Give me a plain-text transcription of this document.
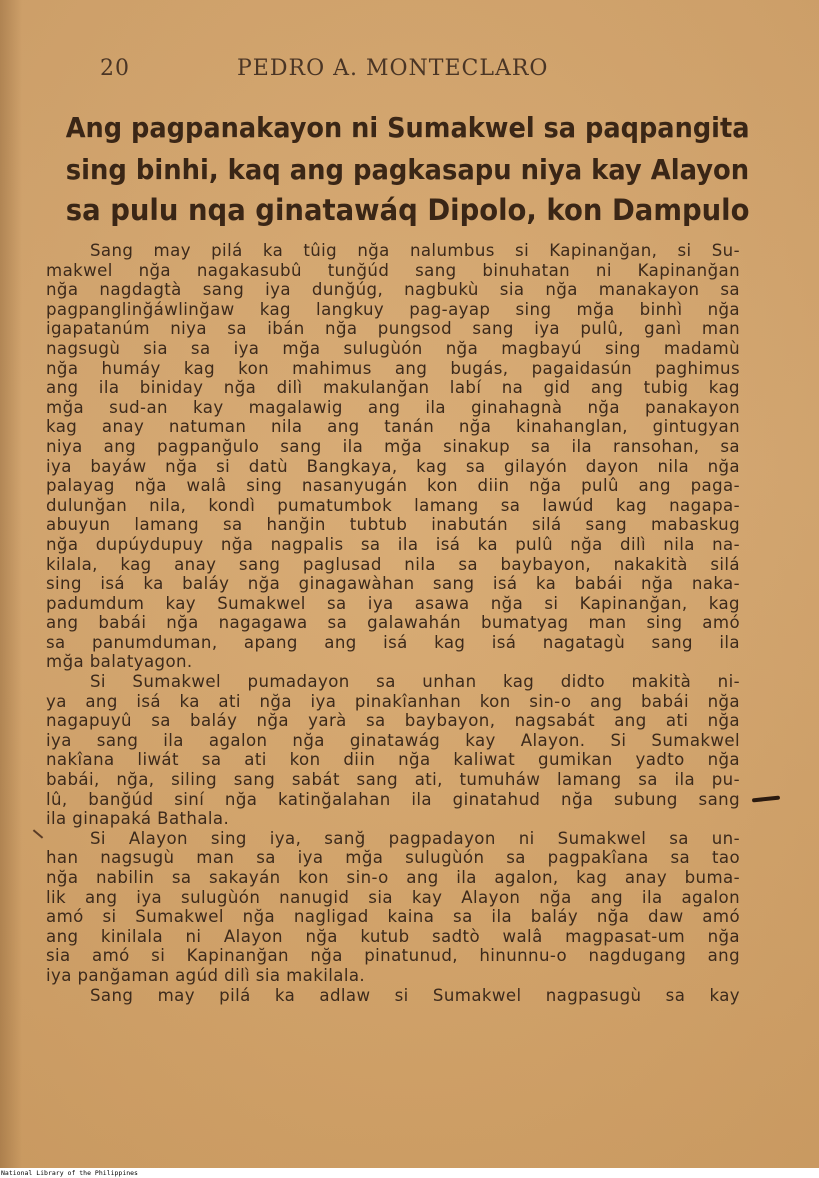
20	PEDRO A. MONTECLARO
Ang pagpanakayon ni Sumakwel sa paqpangita
sing binhi, kaq ang pagkasapu niya kay Alayon
sa pulu nqa ginatawáq Dipolo, kon Dampulo
Sang may pilá ka tûig nğa nalumbus si Kapinanğan, si Su-
makwel nğa nagakasubû tunğúd sang binuhatan ni Kapinanğan
nğa nagdagtà sang iya dunğúg, nagbukù sia nğa manakayon sa
pagpanglinğáwlinğaw kag langkuy pag-ayap sing mğa binhì nğa
igapatanúm niya sa ibán nğa pungsod sang iya pulû, ganì man
nagsugù sia sa iya mğa sulugùón nğa magbayú sing madamù
nğa humáy kag kon mahimus ang bugás, pagaidasún paghimus
ang ila biniday nğa dilì makulanğan labí na gid ang tubig kag
mğa sud-an kay magalawig ang ila ginahagnà nğa panakayon
kag anay natuman nila ang tanán nğa kinahanglan, gintugyan
niya ang pagpanğulo sang ila mğa sinakup sa ila ransohan, sa
iya bayáw nğa si datù Bangkaya, kag sa gilayón dayon nila nğa
palayag nğa walâ sing nasanyugán kon diin nğa pulû ang paga-
dulunğan nila, kondì pumatumbok lamang sa lawúd kag nagapa-
abuyun lamang sa hanğin tubtub inabután silá sang mabaskug
nğa dupúydupuy nğa nagpalis sa ila isá ka pulû nğa dilì nila na-
kilala, kag anay sang paglusad nila sa baybayon, nakakità silá
sing isá ka baláy nğa ginagawàhan sang isá ka babái nğa naka-
padumdum kay Sumakwel sa iya asawa nğa si Kapinanğan, kag
ang babái nğa nagagawa sa galawahán bumatyag man sing amó
sa panumduman, apang ang isá kag isá nagatagù sang ila
mğa balatyagon.
Si Sumakwel pumadayon sa unhan kag didto makità ni-
ya ang isá ka ati nğa iya pinakîanhan kon sin-o ang babái nğa
nagapuyû sa baláy nğa yarà sa baybayon, nagsabát ang ati nğa
iya sang ila agalon nğa ginatawág kay Alayon. Si Sumakwel
nakîana liwát sa ati kon diin nğa kaliwat gumikan yadto nğa
babái, nğa, siling sang sabát sang ati, tumuháw lamang sa ila pu-
lû, banğúd siní nğa katinğalahan ila ginatahud nğa subung sang
ila ginapaká Bathala.
Si Alayon sing iya, sanğ pagpadayon ni Sumakwel sa un-
han nagsugù man sa iya mğa sulugùón sa pagpakîana sa tao
nğa nabilin sa sakayán kon sin-o ang ila agalon, kag anay buma-
lik ang iya sulugùón nanugid sia kay Alayon nğa ang ila agalon
amó si Sumakwel nğa nagligad kaina sa ila baláy nğa daw amó
ang kinilala ni Alayon nğa kutub sadtò walâ magpasat-um nğa
sia amó si Kapinanğan nğa pinatunud, hinunnu-o nagdugang ang
iya panğaman agúd dilì sia makilala.
Sang may pilá ka adlaw si Sumakwel nagpasugù sa kay
National Library of the Philippines
